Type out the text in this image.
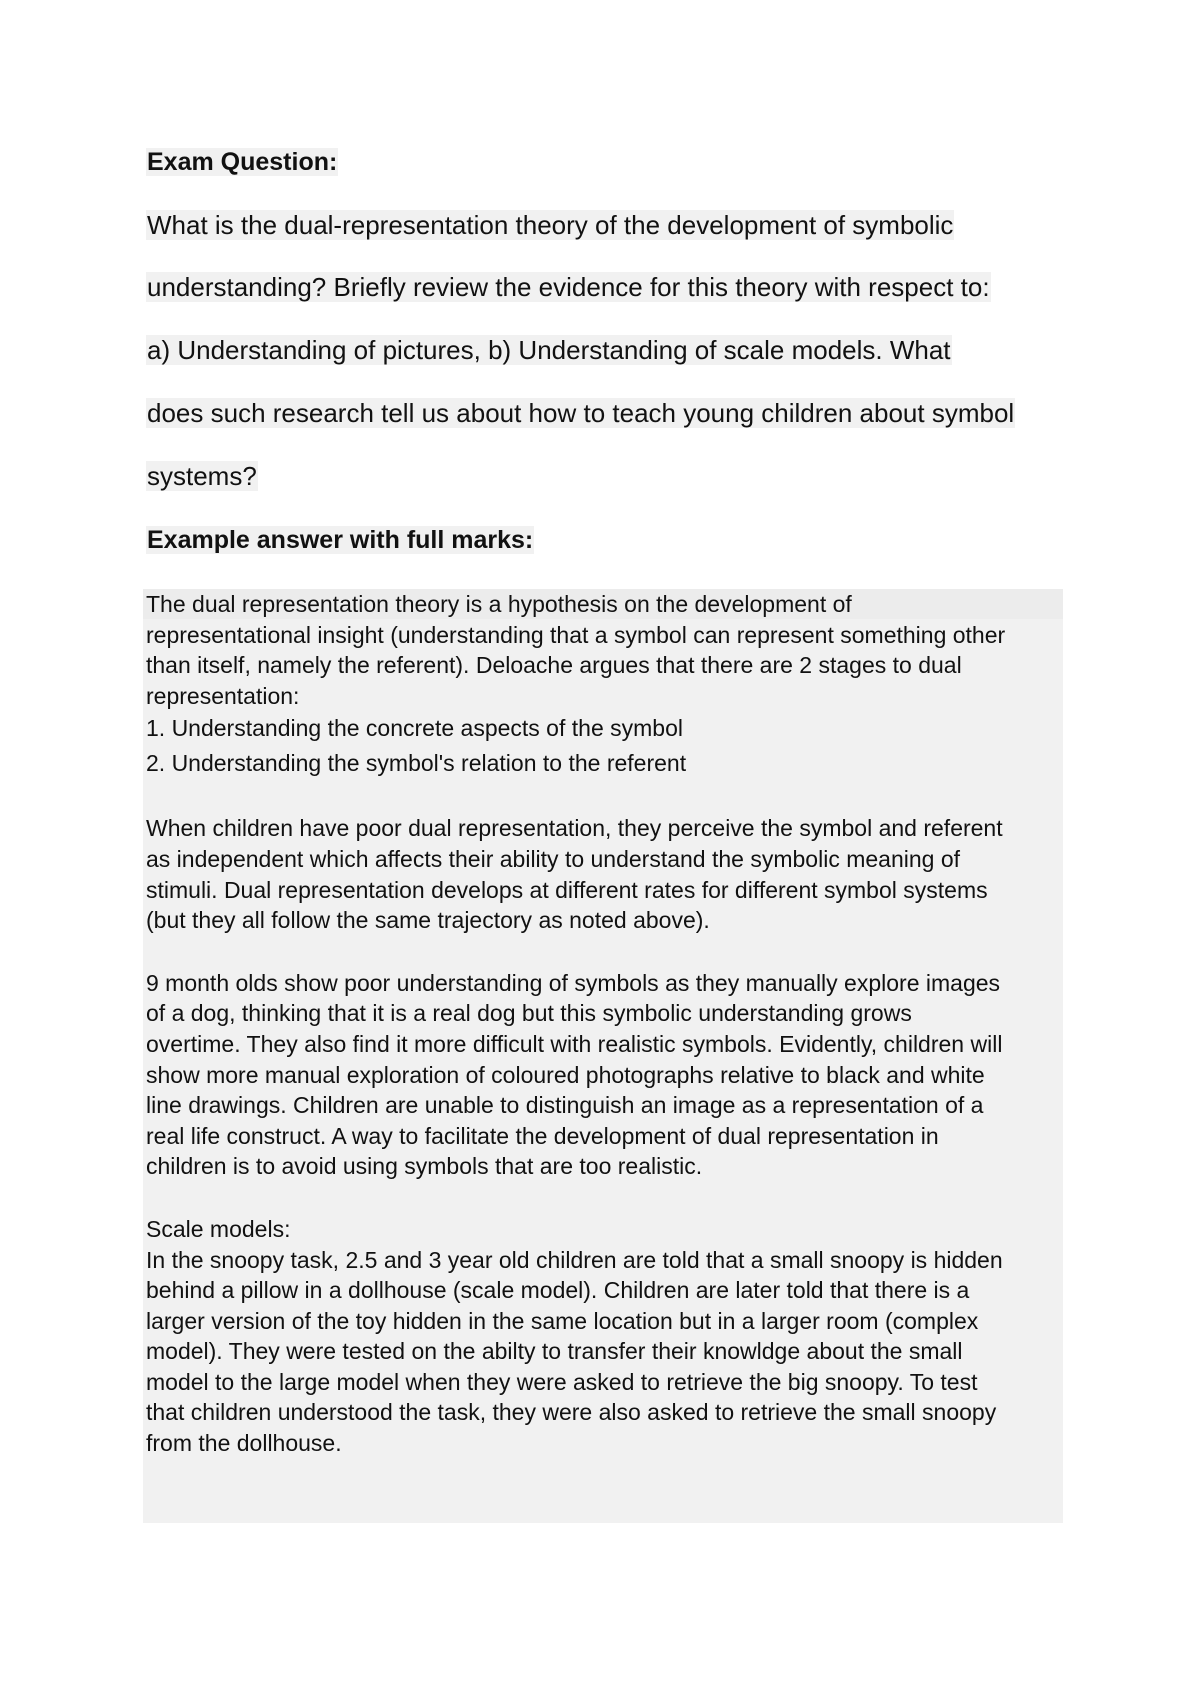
Exam Question:

What is the dual-representation theory of the development of symbolic

understanding? Briefly review the evidence for this theory with respect to:

a) Understanding of pictures, b) Understanding of scale models. What

does such research tell us about how to teach young children about symbol

systems?

Example answer with full marks:

The dual representation theory is a hypothesis on the development of

representational insight (understanding that a symbol can represent something other

than itself, namely the referent). Deloache argues that there are 2 stages to dual

representation:

1. Understanding the concrete aspects of the symbol

2. Understanding the symbol's relation to the referent

When children have poor dual representation, they perceive the symbol and referent

as independent which affects their ability to understand the symbolic meaning of

stimuli. Dual representation develops at different rates for different symbol systems

(but they all follow the same trajectory as noted above).

9 month olds show poor understanding of symbols as they manually explore images

of a dog, thinking that it is a real dog but this symbolic understanding grows

overtime. They also find it more difficult with realistic symbols. Evidently, children will

show more manual exploration of coloured photographs relative to black and white

line drawings. Children are unable to distinguish an image as a representation of a

real life construct. A way to facilitate the development of dual representation in

children is to avoid using symbols that are too realistic.

Scale models:

In the snoopy task, 2.5 and 3 year old children are told that a small snoopy is hidden

behind a pillow in a dollhouse (scale model). Children are later told that there is a

larger version of the toy hidden in the same location but in a larger room (complex

model). They were tested on the abilty to transfer their knowldge about the small

model to the large model when they were asked to retrieve the big snoopy. To test

that children understood the task, they were also asked to retrieve the small snoopy

from the dollhouse.
